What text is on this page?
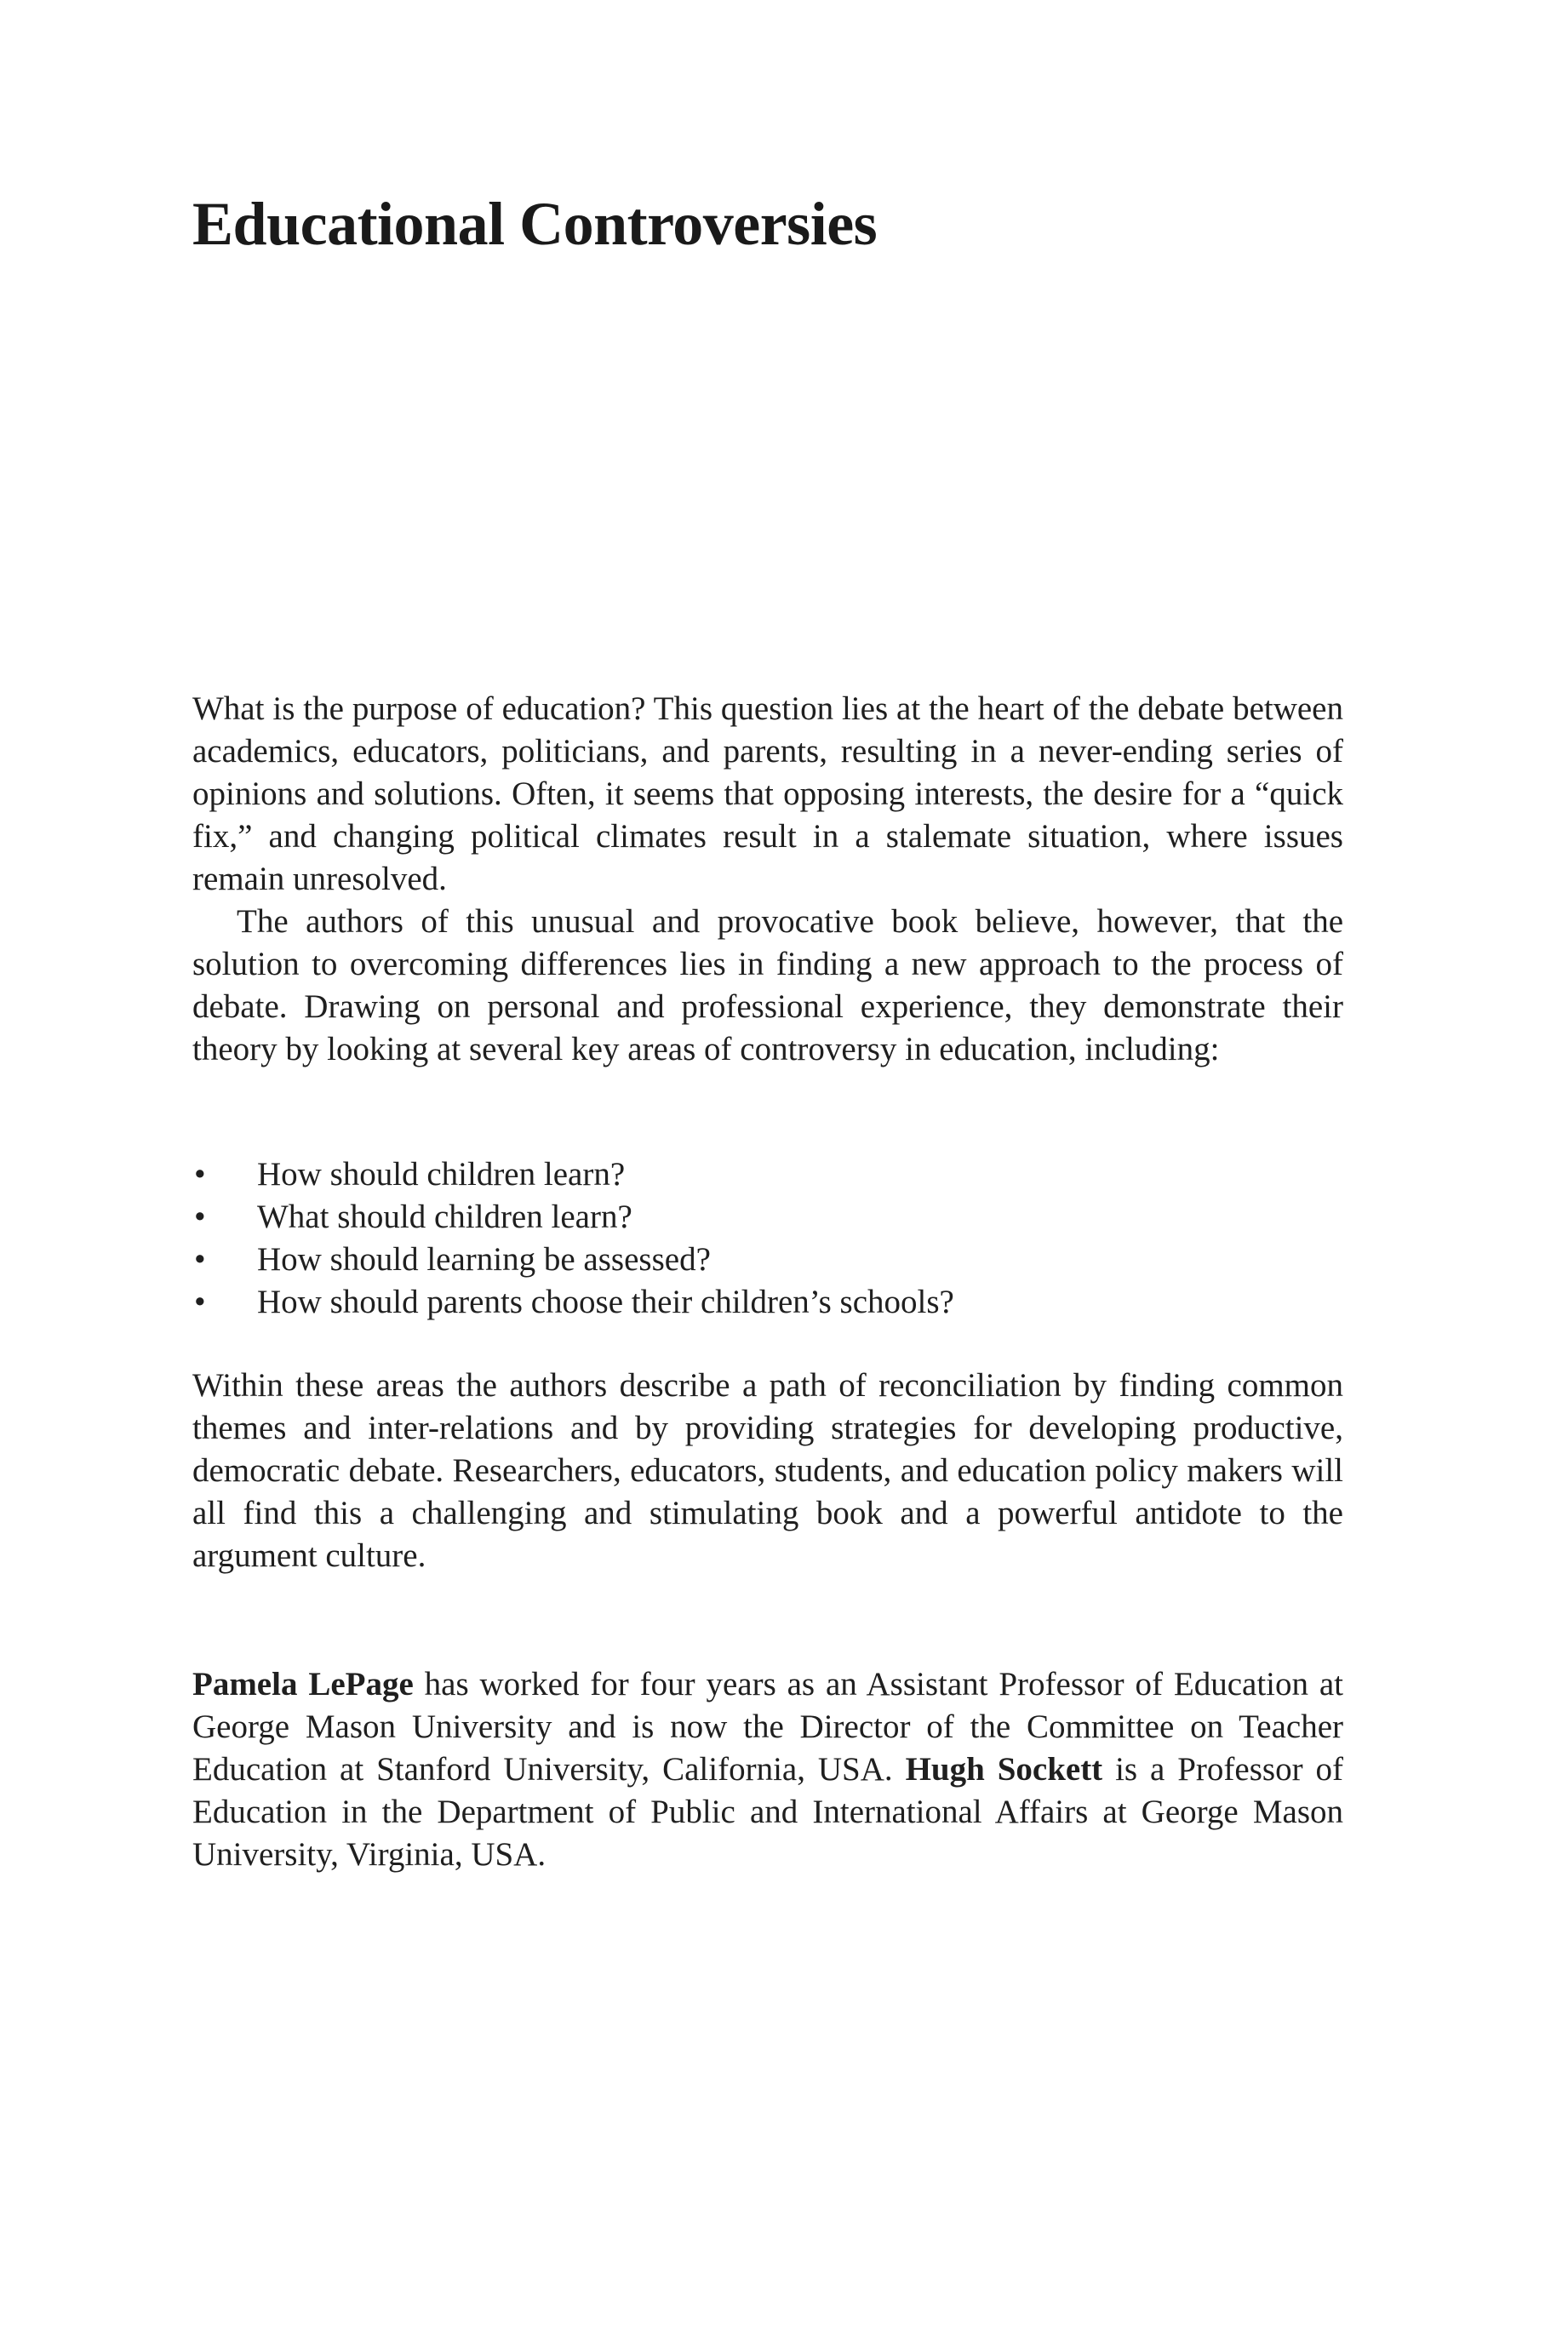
Educational Controversies

What is the purpose of education? This question lies at the heart of the debate between academics, educators, politicians, and parents, resulting in a never-ending series of opinions and solutions. Often, it seems that opposing interests, the desire for a “quick fix,” and changing political climates result in a stalemate situation, where issues remain unresolved.

The authors of this unusual and provocative book believe, however, that the solution to overcoming differences lies in finding a new approach to the process of debate. Drawing on personal and professional experience, they demonstrate their theory by looking at several key areas of controversy in education, including:

• How should children learn?
• What should children learn?
• How should learning be assessed?
• How should parents choose their children’s schools?

Within these areas the authors describe a path of reconciliation by finding common themes and inter-relations and by providing strategies for developing productive, democratic debate. Researchers, educators, students, and education policy makers will all find this a challenging and stimulating book and a powerful antidote to the argument culture.

Pamela LePage has worked for four years as an Assistant Professor of Education at George Mason University and is now the Director of the Committee on Teacher Education at Stanford University, California, USA. Hugh Sockett is a Professor of Education in the Department of Public and International Affairs at George Mason University, Virginia, USA.
